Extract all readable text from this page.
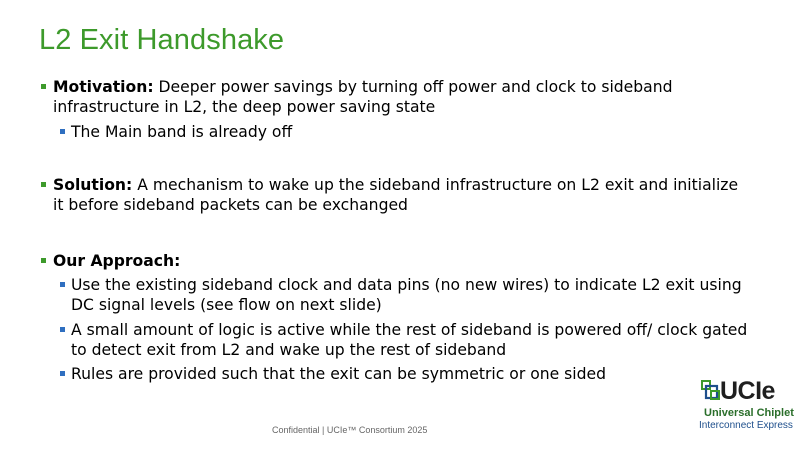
L2 Exit Handshake
Motivation: Deeper power savings by turning off power and clock to sideband infrastructure in L2, the deep power saving state
The Main band is already off
Solution: A mechanism to wake up the sideband infrastructure on L2 exit and initialize it before sideband packets can be exchanged
Our Approach:
Use the existing sideband clock and data pins (no new wires) to indicate L2 exit using DC signal levels (see flow on next slide)
A small amount of logic is active while the rest of sideband is powered off/ clock gated to detect exit from L2 and wake up the rest of sideband
Rules are provided such that the exit can be symmetric or one sided
Confidential | UCIe™ Consortium 2025
UCIe
Universal Chiplet
Interconnect Express
